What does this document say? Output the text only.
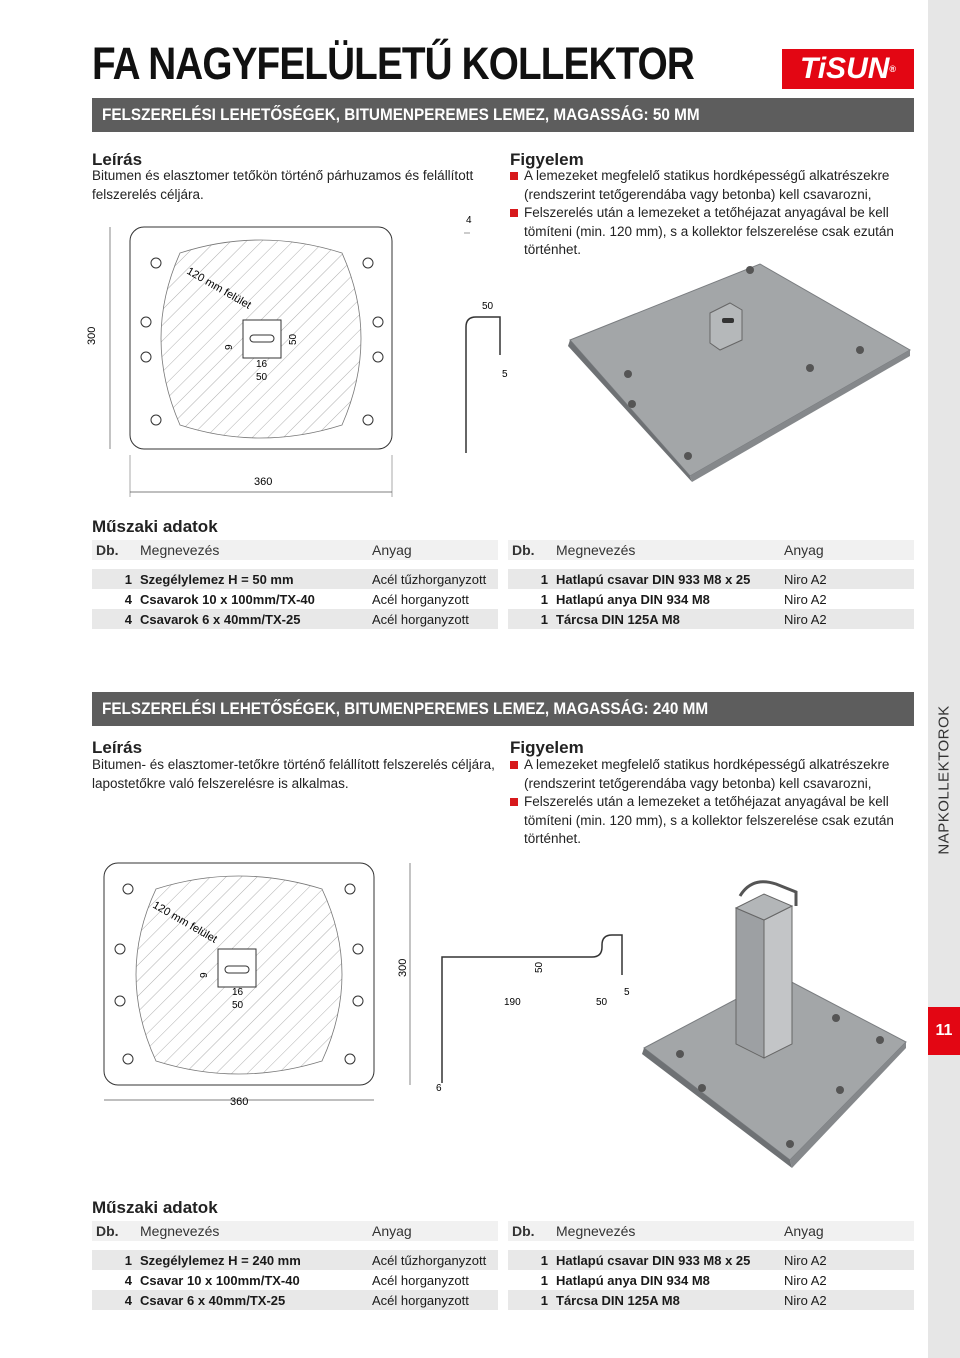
FA NAGYFELÜLETŰ KOLLEKTOR	TiSUN®
NAPKOLLEKTOROK
11
FELSZERELÉSI LEHETŐSÉGEK, BITUMENPEREMES LEMEZ, MAGASSÁG: 50 MM
Leírás
Bitumen és elasztomer tetőkön történő párhuzamos és felállított felszerelés céljára.
Figyelem
A lemezeket megfelelő statikus hordképességű alkatrészekre (rendszerint tetőgerendába vagy betonba) kell csavarozni,
Felszerelés után a lemezeket a tetőhéjazat anyagával be kell tömíteni (min. 120 mm), s a kollektor felszerelése csak ezután történhet.
120 mm felület
300
360
9
16
50
50
4
50
5
Műszaki adatok
Db.	Megnevezés	Anyag

1	Szegélylemez H = 50 mm	Acél tűzhorganyzott
4	Csavarok 10 x 100mm/TX-40	Acél horganyzott
4	Csavarok 6 x 40mm/TX-25	Acél horganyzott
Db.	Megnevezés	Anyag

1	Hatlapú csavar DIN 933 M8 x 25	Niro A2
1	Hatlapú anya DIN 934 M8	Niro A2
1	Tárcsa DIN 125A M8	Niro A2
FELSZERELÉSI LEHETŐSÉGEK, BITUMENPEREMES LEMEZ, MAGASSÁG: 240 MM
Leírás
Bitumen- és elasztomer-tetőkre történő felállított felszerelés céljára, lapostetőkre való felszerelésre is alkalmas.
Figyelem
A lemezeket megfelelő statikus hordképességű alkatrészekre (rendszerint tetőgerendába vagy betonba) kell csavarozni,
Felszerelés után a lemezeket a tetőhéjazat anyagával be kell tömíteni (min. 120 mm), s a kollektor felszerelése csak ezután történhet.
120 mm felület
300
360
9
16
50
6
50
190	50
5
Műszaki adatok
Db.	Megnevezés	Anyag

1	Szegélylemez H = 240 mm	Acél tűzhorganyzott
4	Csavar 10 x 100mm/TX-40	Acél horganyzott
4	Csavar 6 x 40mm/TX-25	Acél horganyzott
Db.	Megnevezés	Anyag

1	Hatlapú csavar DIN 933 M8 x 25	Niro A2
1	Hatlapú anya DIN 934 M8	Niro A2
1	Tárcsa DIN 125A M8	Niro A2
